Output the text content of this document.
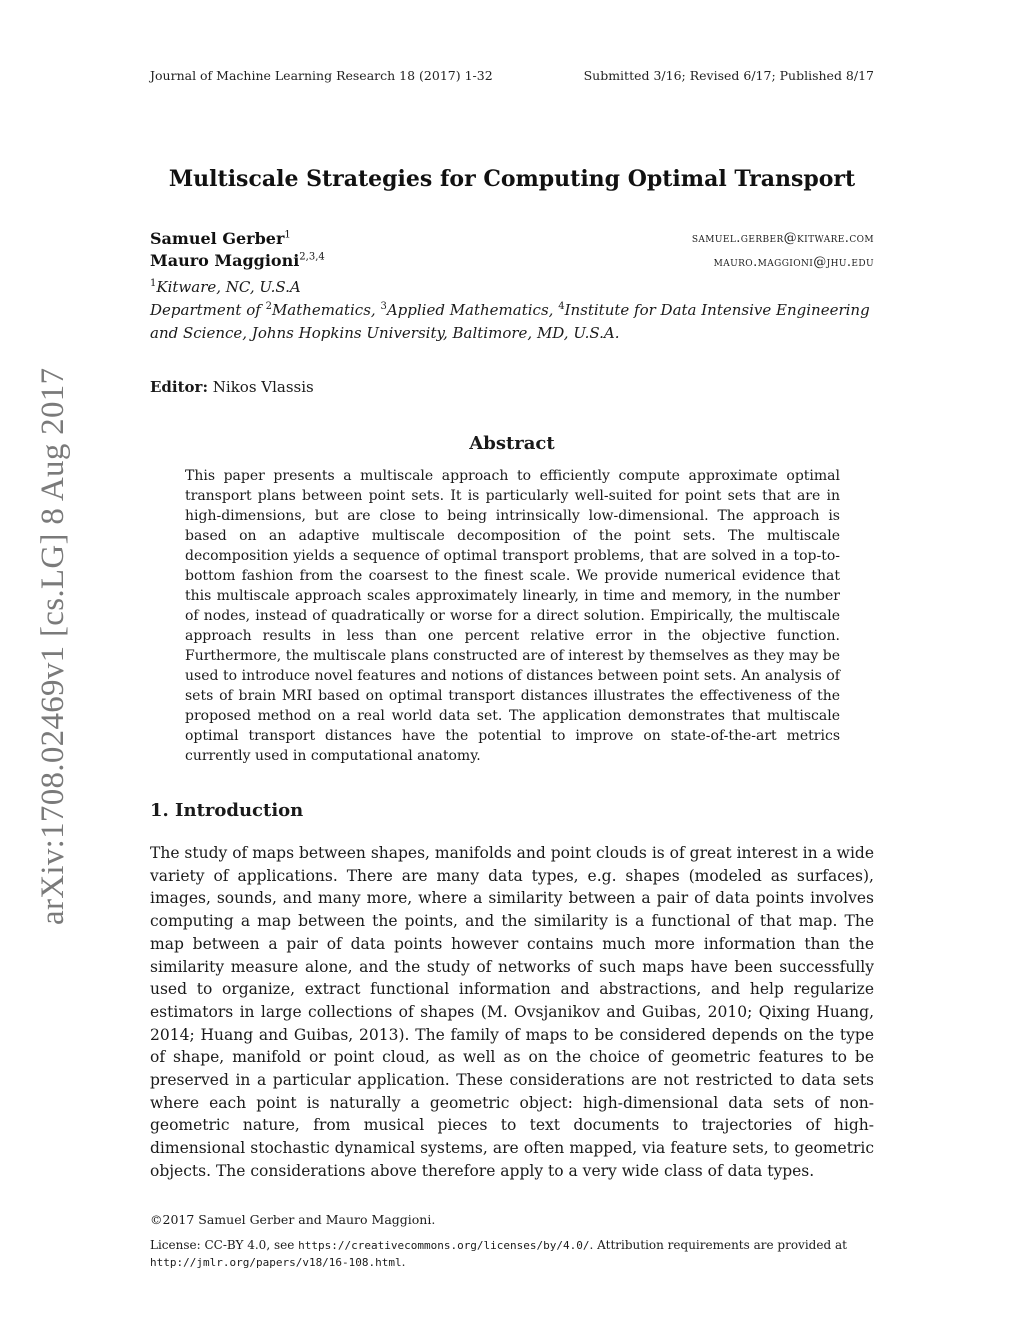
Journal of Machine Learning Research 18 (2017) 1-32	Submitted 3/16; Revised 6/17; Published 8/17
arXiv:1708.02469v1 [cs.LG] 8 Aug 2017
Multiscale Strategies for Computing Optimal Transport
Samuel Gerber$^1$	samuel.gerber@kitware.com
Mauro Maggioni$^{2,3,4}$	mauro.maggioni@jhu.edu
$^1$Kitware, NC, U.S.A
Department of $^2$Mathematics, $^3$Applied Mathematics, $^4$Institute for Data Intensive Engineering and Science, Johns Hopkins University, Baltimore, MD, U.S.A.
Editor: Nikos Vlassis
Abstract
This paper presents a multiscale approach to efficiently compute approximate optimal transport plans between point sets. It is particularly well-suited for point sets that are in high-dimensions, but are close to being intrinsically low-dimensional. The approach is based on an adaptive multiscale decomposition of the point sets. The multiscale decomposition yields a sequence of optimal transport problems, that are solved in a top-to-bottom fashion from the coarsest to the finest scale. We provide numerical evidence that this multiscale approach scales approximately linearly, in time and memory, in the number of nodes, instead of quadratically or worse for a direct solution. Empirically, the multiscale approach results in less than one percent relative error in the objective function. Furthermore, the multiscale plans constructed are of interest by themselves as they may be used to introduce novel features and notions of distances between point sets. An analysis of sets of brain MRI based on optimal transport distances illustrates the effectiveness of the proposed method on a real world data set. The application demonstrates that multiscale optimal transport distances have the potential to improve on state-of-the-art metrics currently used in computational anatomy.
1. Introduction
The study of maps between shapes, manifolds and point clouds is of great interest in a wide variety of applications. There are many data types, e.g. shapes (modeled as surfaces), images, sounds, and many more, where a similarity between a pair of data points involves computing a map between the points, and the similarity is a functional of that map. The map between a pair of data points however contains much more information than the similarity measure alone, and the study of networks of such maps have been successfully used to organize, extract functional information and abstractions, and help regularize estimators in large collections of shapes (M. Ovsjanikov and Guibas, 2010; Qixing Huang, 2014; Huang and Guibas, 2013). The family of maps to be considered depends on the type of shape, manifold or point cloud, as well as on the choice of geometric features to be preserved in a particular application. These considerations are not restricted to data sets where each point is naturally a geometric object: high-dimensional data sets of non-geometric nature, from musical pieces to text documents to trajectories of high-dimensional stochastic dynamical systems, are often mapped, via feature sets, to geometric objects. The considerations above therefore apply to a very wide class of data types.
©2017 Samuel Gerber and Mauro Maggioni.
License: CC-BY 4.0, see https://creativecommons.org/licenses/by/4.0/. Attribution requirements are provided at http://jmlr.org/papers/v18/16-108.html.
